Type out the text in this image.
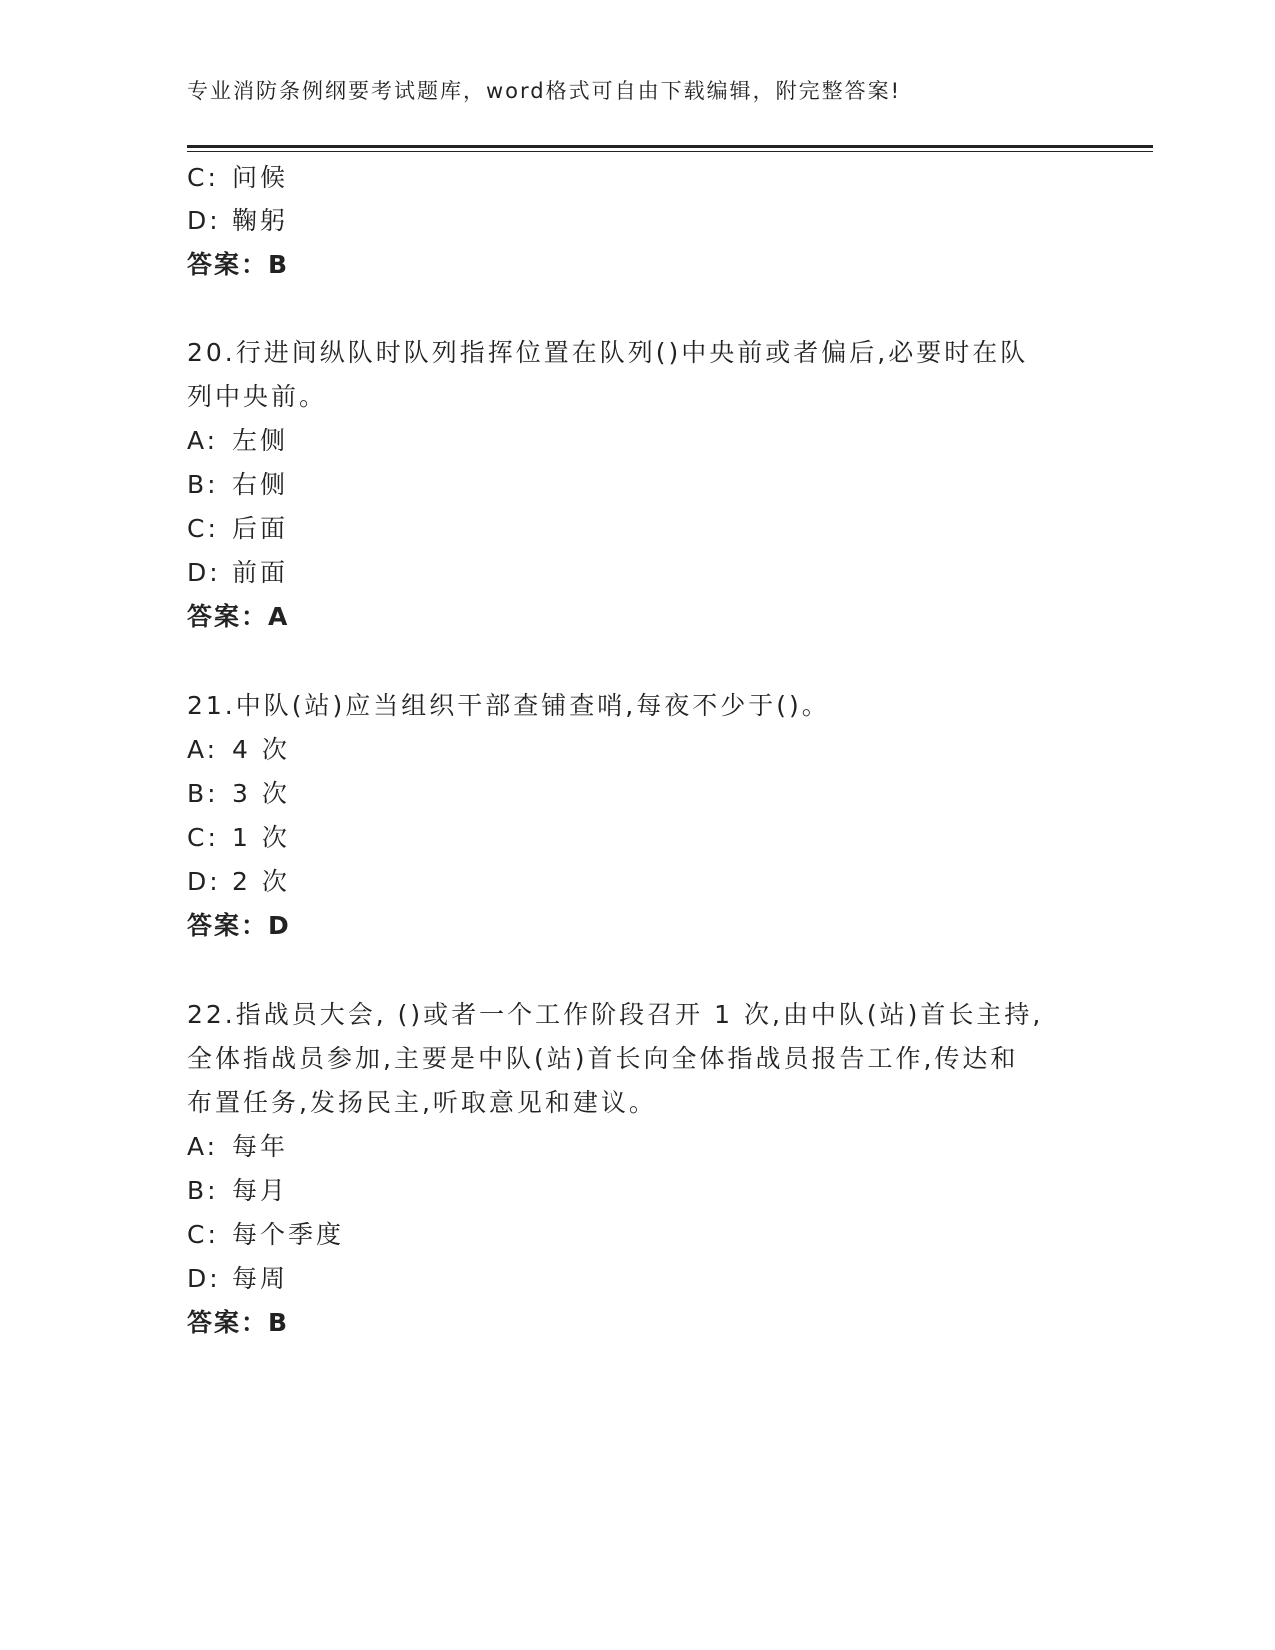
专业消防条例纲要考试题库，word格式可自由下载编辑，附完整答案!
C: 问候
D: 鞠躬
答案：B
20.行进间纵队时队列指挥位置在队列()中央前或者偏后,必要时在队
列中央前。
A: 左侧
B: 右侧
C: 后面
D: 前面
答案：A
21.中队(站)应当组织干部查铺查哨,每夜不少于()。
A: 4 次
B: 3 次
C: 1 次
D: 2 次
答案：D
22.指战员大会, ()或者一个工作阶段召开 1 次,由中队(站)首长主持,
全体指战员参加,主要是中队(站)首长向全体指战员报告工作,传达和
布置任务,发扬民主,听取意见和建议。
A: 每年
B: 每月
C: 每个季度
D: 每周
答案：B
